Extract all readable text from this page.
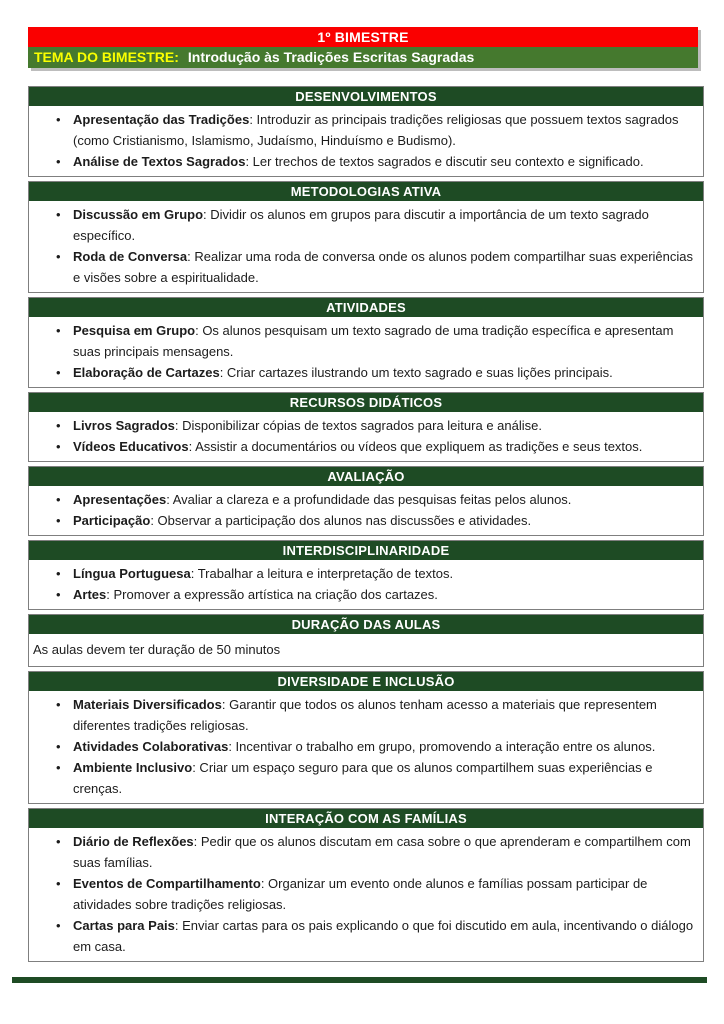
1º BIMESTRE
TEMA DO BIMESTRE: Introdução às Tradições Escritas Sagradas
DESENVOLVIMENTOS
• Apresentação das Tradições: Introduzir as principais tradições religiosas que possuem textos sagrados (como Cristianismo, Islamismo, Judaísmo, Hinduísmo e Budismo).
• Análise de Textos Sagrados: Ler trechos de textos sagrados e discutir seu contexto e significado.
METODOLOGIAS ATIVA
• Discussão em Grupo: Dividir os alunos em grupos para discutir a importância de um texto sagrado específico.
• Roda de Conversa: Realizar uma roda de conversa onde os alunos podem compartilhar suas experiências e visões sobre a espiritualidade.
ATIVIDADES
• Pesquisa em Grupo: Os alunos pesquisam um texto sagrado de uma tradição específica e apresentam suas principais mensagens.
• Elaboração de Cartazes: Criar cartazes ilustrando um texto sagrado e suas lições principais.
RECURSOS DIDÁTICOS
• Livros Sagrados: Disponibilizar cópias de textos sagrados para leitura e análise.
• Vídeos Educativos: Assistir a documentários ou vídeos que expliquem as tradições e seus textos.
AVALIAÇÃO
• Apresentações: Avaliar a clareza e a profundidade das pesquisas feitas pelos alunos.
• Participação: Observar a participação dos alunos nas discussões e atividades.
INTERDISCIPLINARIDADE
• Língua Portuguesa: Trabalhar a leitura e interpretação de textos.
• Artes: Promover a expressão artística na criação dos cartazes.
DURAÇÃO DAS AULAS

As aulas devem ter duração de 50 minutos

DIVERSIDADE E INCLUSÃO
• Materiais Diversificados: Garantir que todos os alunos tenham acesso a materiais que representem diferentes tradições religiosas.
• Atividades Colaborativas: Incentivar o trabalho em grupo, promovendo a interação entre os alunos.
• Ambiente Inclusivo: Criar um espaço seguro para que os alunos compartilhem suas experiências e crenças.
INTERAÇÃO COM AS FAMÍLIAS
• Diário de Reflexões: Pedir que os alunos discutam em casa sobre o que aprenderam e compartilhem com suas famílias.
• Eventos de Compartilhamento: Organizar um evento onde alunos e famílias possam participar de atividades sobre tradições religiosas.
• Cartas para Pais: Enviar cartas para os pais explicando o que foi discutido em aula, incentivando o diálogo em casa.
